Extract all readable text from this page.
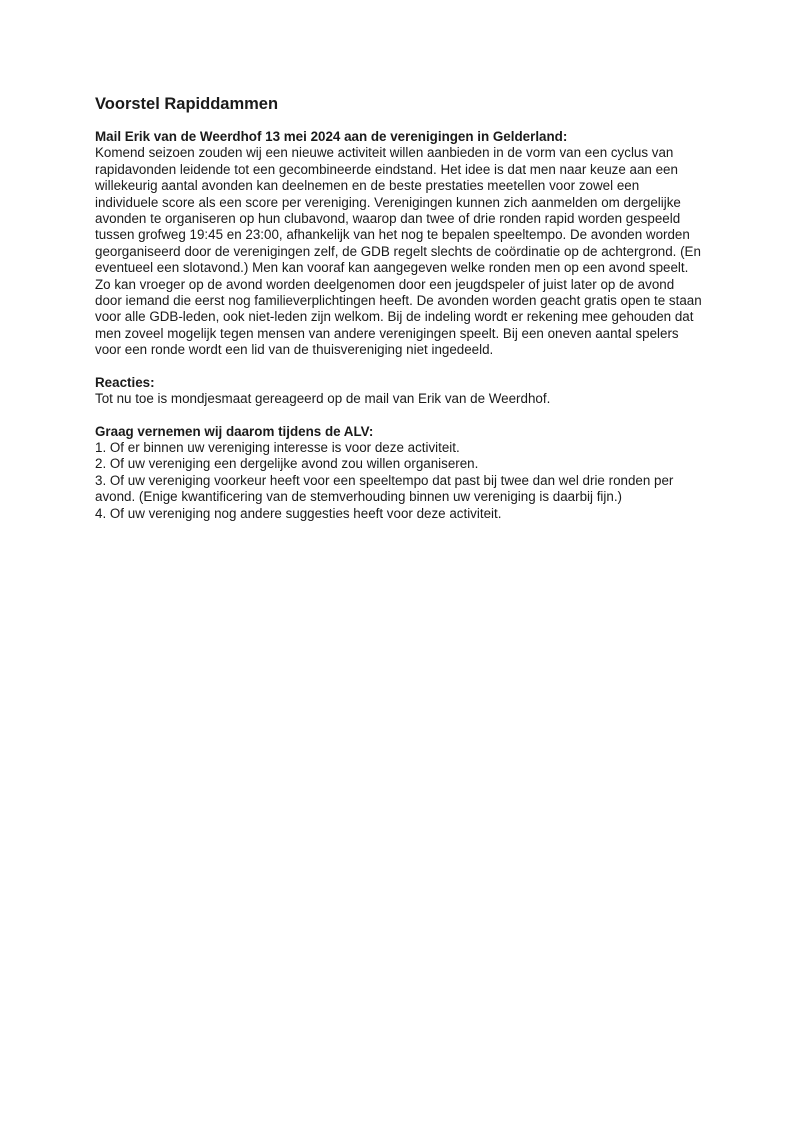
Voorstel Rapiddammen

Mail Erik van de Weerdhof 13 mei 2024 aan de verenigingen in Gelderland:

Komend seizoen zouden wij een nieuwe activiteit willen aanbieden in de vorm van een cyclus van
rapidavonden leidende tot een gecombineerde eindstand. Het idee is dat men naar keuze aan een
willekeurig aantal avonden kan deelnemen en de beste prestaties meetellen voor zowel een
individuele score als een score per vereniging. Verenigingen kunnen zich aanmelden om dergelijke
avonden te organiseren op hun clubavond, waarop dan twee of drie ronden rapid worden gespeeld
tussen grofweg 19:45 en 23:00, afhankelijk van het nog te bepalen speeltempo. De avonden worden
georganiseerd door de verenigingen zelf, de GDB regelt slechts de coördinatie op de achtergrond. (En
eventueel een slotavond.) Men kan vooraf kan aangegeven welke ronden men op een avond speelt.
Zo kan vroeger op de avond worden deelgenomen door een jeugdspeler of juist later op de avond
door iemand die eerst nog familieverplichtingen heeft. De avonden worden geacht gratis open te staan
voor alle GDB-leden, ook niet-leden zijn welkom. Bij de indeling wordt er rekening mee gehouden dat
men zoveel mogelijk tegen mensen van andere verenigingen speelt. Bij een oneven aantal spelers
voor een ronde wordt een lid van de thuisvereniging niet ingedeeld.

Reacties:

Tot nu toe is mondjesmaat gereageerd op de mail van Erik van de Weerdhof.

Graag vernemen wij daarom tijdens de ALV:

1. Of er binnen uw vereniging interesse is voor deze activiteit.
2. Of uw vereniging een dergelijke avond zou willen organiseren.
3. Of uw vereniging voorkeur heeft voor een speeltempo dat past bij twee dan wel drie ronden per
avond. (Enige kwantificering van de stemverhouding binnen uw vereniging is daarbij fijn.)
4. Of uw vereniging nog andere suggesties heeft voor deze activiteit.
